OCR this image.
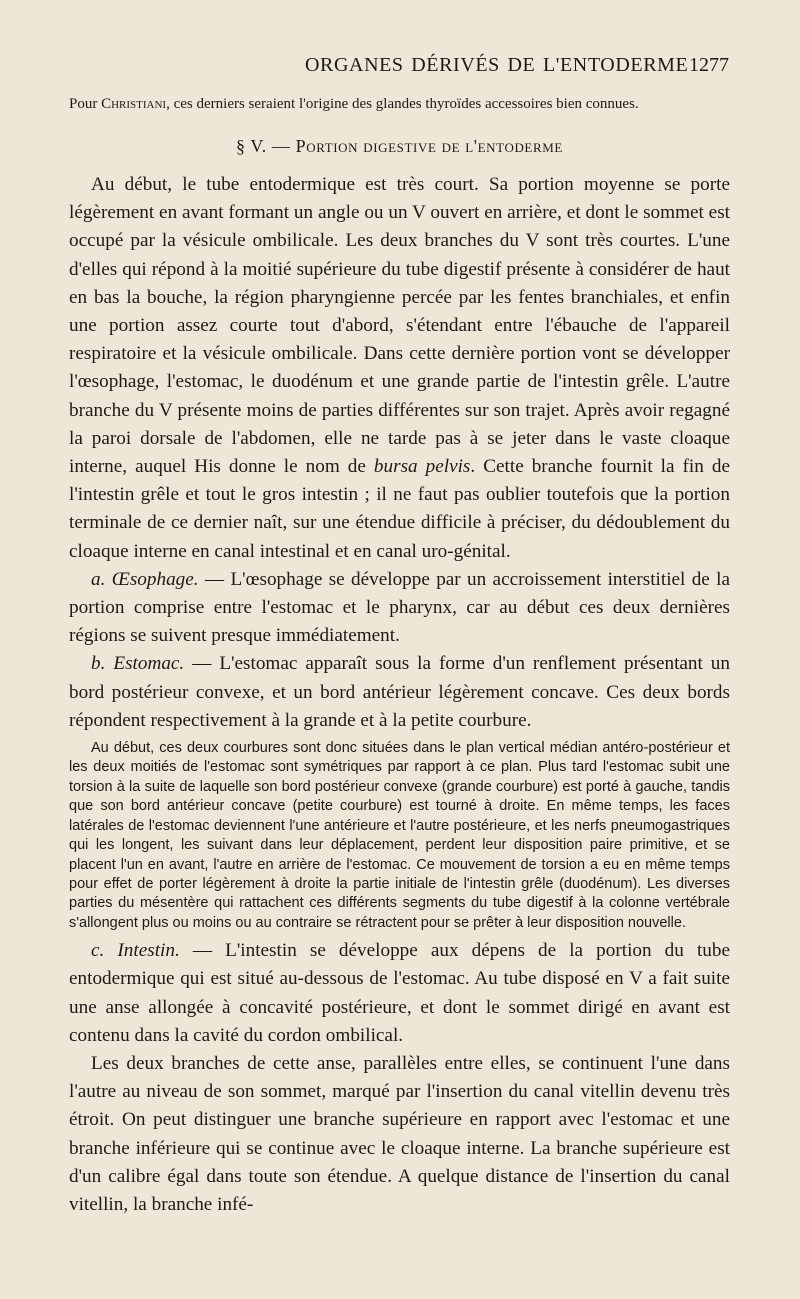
ORGANES DÉRIVÉS DE L'ENTODERME 1277

Pour Christiani, ces derniers seraient l'origine des glandes thyroïdes accessoires bien connues.

§ V. — Portion digestive de l'entoderme

Au début, le tube entodermique est très court. Sa portion moyenne se porte légèrement en avant formant un angle ou un V ouvert en arrière, et dont le sommet est occupé par la vésicule ombilicale. Les deux branches du V sont très courtes. L'une d'elles qui répond à la moitié supérieure du tube digestif présente à considérer de haut en bas la bouche, la région pharyngienne percée par les fentes branchiales, et enfin une portion assez courte tout d'abord, s'étendant entre l'ébauche de l'appareil respiratoire et la vésicule ombilicale. Dans cette dernière portion vont se développer l'œsophage, l'estomac, le duodénum et une grande partie de l'intestin grêle. L'autre branche du V présente moins de parties différentes sur son trajet. Après avoir regagné la paroi dorsale de l'abdomen, elle ne tarde pas à se jeter dans le vaste cloaque interne, auquel His donne le nom de bursa pelvis. Cette branche fournit la fin de l'intestin grêle et tout le gros intestin ; il ne faut pas oublier toutefois que la portion terminale de ce dernier naît, sur une étendue difficile à préciser, du dédoublement du cloaque interne en canal intestinal et en canal uro-génital.

a. Œsophage. — L'œsophage se développe par un accroissement interstitiel de la portion comprise entre l'estomac et le pharynx, car au début ces deux dernières régions se suivent presque immédiatement.

b. Estomac. — L'estomac apparaît sous la forme d'un renflement présentant un bord postérieur convexe, et un bord antérieur légèrement concave. Ces deux bords répondent respectivement à la grande et à la petite courbure.

Au début, ces deux courbures sont donc situées dans le plan vertical médian antéro-postérieur et les deux moitiés de l'estomac sont symétriques par rapport à ce plan. Plus tard l'estomac subit une torsion à la suite de laquelle son bord postérieur convexe (grande courbure) est porté à gauche, tandis que son bord antérieur concave (petite courbure) est tourné à droite. En même temps, les faces latérales de l'estomac deviennent l'une antérieure et l'autre postérieure, et les nerfs pneumogastriques qui les longent, les suivant dans leur déplacement, perdent leur disposition paire primitive, et se placent l'un en avant, l'autre en arrière de l'estomac. Ce mouvement de torsion a eu en même temps pour effet de porter légèrement à droite la partie initiale de l'intestin grêle (duodénum). Les diverses parties du mésentère qui rattachent ces différents segments du tube digestif à la colonne vertébrale s'allongent plus ou moins ou au contraire se rétractent pour se prêter à leur disposition nouvelle.

c. Intestin. — L'intestin se développe aux dépens de la portion du tube entodermique qui est situé au-dessous de l'estomac. Au tube disposé en V a fait suite une anse allongée à concavité postérieure, et dont le sommet dirigé en avant est contenu dans la cavité du cordon ombilical.

Les deux branches de cette anse, parallèles entre elles, se continuent l'une dans l'autre au niveau de son sommet, marqué par l'insertion du canal vitellin devenu très étroit. On peut distinguer une branche supérieure en rapport avec l'estomac et une branche inférieure qui se continue avec le cloaque interne. La branche supérieure est d'un calibre égal dans toute son étendue. A quelque distance de l'insertion du canal vitellin, la branche infé-
